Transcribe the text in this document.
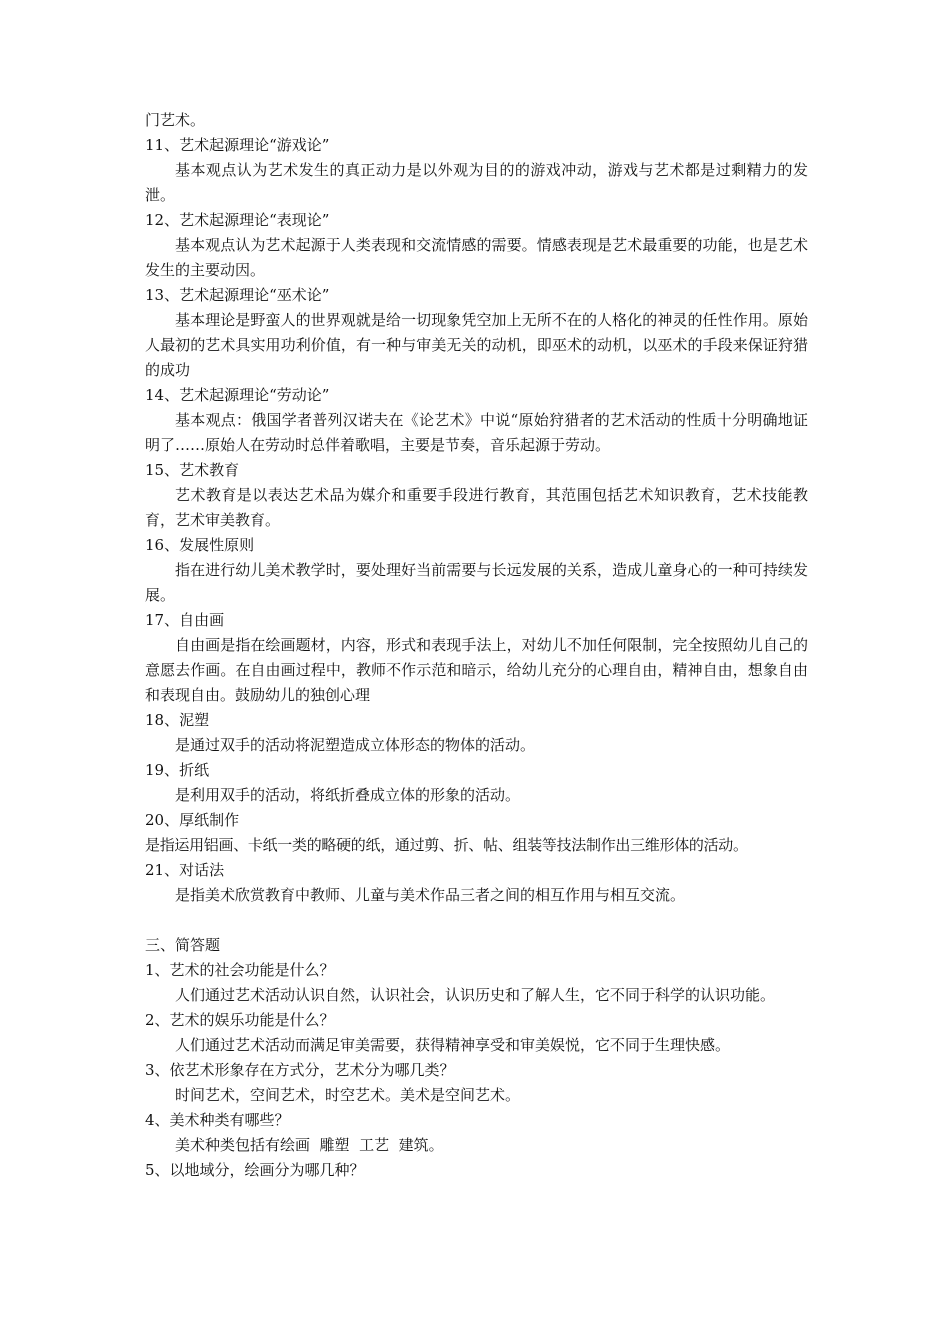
门艺术。
11、艺术起源理论“游戏论”
基本观点认为艺术发生的真正动力是以外观为目的的游戏冲动，游戏与艺术都是过剩精力的发泄。
12、艺术起源理论“表现论”
基本观点认为艺术起源于人类表现和交流情感的需要。情感表现是艺术最重要的功能，也是艺术发生的主要动因。
13、艺术起源理论“巫术论”
基本理论是野蛮人的世界观就是给一切现象凭空加上无所不在的人格化的神灵的任性作用。原始人最初的艺术具实用功利价值，有一种与审美无关的动机，即巫术的动机，以巫术的手段来保证狩猎的成功
14、艺术起源理论“劳动论”
基本观点：俄国学者普列汉诺夫在《论艺术》中说“原始狩猎者的艺术活动的性质十分明确地证明了……原始人在劳动时总伴着歌唱，主要是节奏，音乐起源于劳动。
15、艺术教育
艺术教育是以表达艺术品为媒介和重要手段进行教育，其范围包括艺术知识教育，艺术技能教育，艺术审美教育。
16、发展性原则
指在进行幼儿美术教学时，要处理好当前需要与长远发展的关系，造成儿童身心的一种可持续发展。
17、自由画
自由画是指在绘画题材，内容，形式和表现手法上，对幼儿不加任何限制，完全按照幼儿自己的意愿去作画。在自由画过程中，教师不作示范和暗示，给幼儿充分的心理自由，精神自由，想象自由和表现自由。鼓励幼儿的独创心理
18、泥塑
是通过双手的活动将泥塑造成立体形态的物体的活动。
19、折纸
是利用双手的活动，将纸折叠成立体的形象的活动。
20、厚纸制作
是指运用铝画、卡纸一类的略硬的纸，通过剪、折、帖、组装等技法制作出三维形体的活动。
21、对话法
是指美术欣赏教育中教师、儿童与美术作品三者之间的相互作用与相互交流。
三、简答题
1、艺术的社会功能是什么？
人们通过艺术活动认识自然，认识社会，认识历史和了解人生，它不同于科学的认识功能。
2、艺术的娱乐功能是什么？
人们通过艺术活动而满足审美需要，获得精神享受和审美娱悦，它不同于生理快感。
3、依艺术形象存在方式分，艺术分为哪几类？
时间艺术，空间艺术，时空艺术。美术是空间艺术。
4、美术种类有哪些？
美术种类包括有绘画  雕塑  工艺  建筑。
5、以地域分，绘画分为哪几种？
